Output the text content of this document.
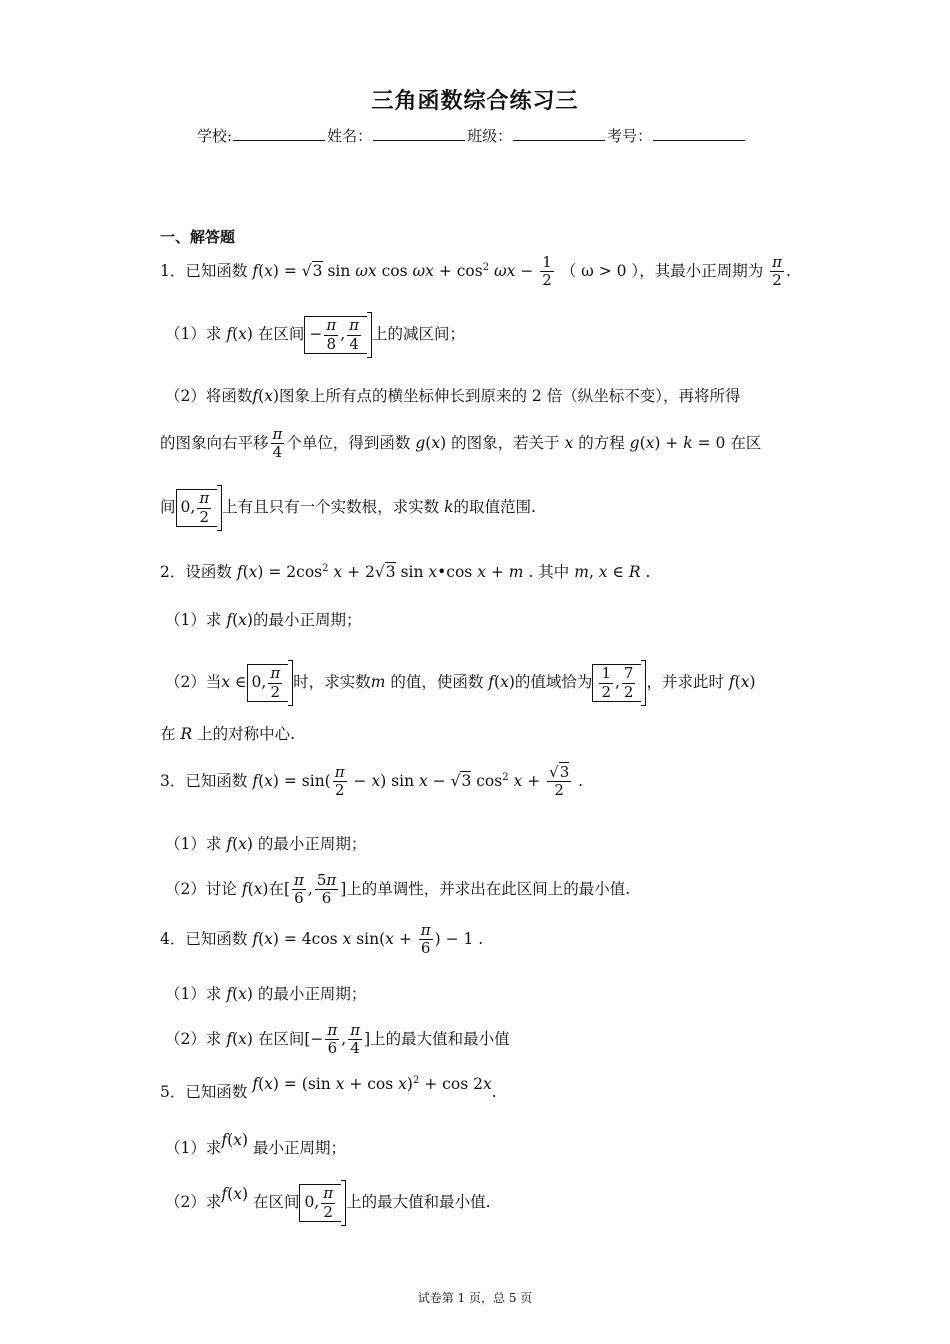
三角函数综合练习三
学校:	姓名：	班级：	考号：
一、解答题
1．已知函数 f(x) = √3 sin ωx $\cos \omega x + \cos^2 \omega x - \frac{1}{2}$ （ ω > 0 ），其最小正周期为 $\frac{\pi}{2}$ .
（1）求 f(x) 在区间 − $\frac{\pi}{8}$ , $\frac{\pi}{4}$ 上的减区间；
（2）将函数f(x)图象上所有点的横坐标伸长到原来的 2 倍（纵坐标不变），再将所得
的图象向右平移 $\frac{\pi}{4}$ 个单位，得到函数 g(x) 的图象，若关于 x 的方程 g(x) + k = 0 在区
间 0, $\frac{\pi}{2}$ 上有且只有一个实数根，求实数 k的取值范围.
2．设函数 $f(x) = 2\cos^2$ x + 2√3 sin x•cos x + m . 其中 m, x ∈ R .
（1）求 f(x)的最小正周期；
（2）当x ∈ 0, $\frac{\pi}{2}$ 时，求实数m 的值，使函数 f(x)的值域恰为 $\frac{1}{2}$ , $\frac{7}{2}$ ，并求此时 f(x)
在 R 上的对称中心.
3．已知函数 $f(x) = \sin( \frac{\pi}{2} - x)$ sin x − √3 $\cos^2 x + \frac{√3}{2}$ .
（1）求 f(x) 的最小正周期；
（2）讨论 f(x)在[ $\frac{\pi}{6}$ , $\frac{5\pi}{6}$ ]上的单调性，并求出在此区间上的最小值.
4．已知函数 f(x) = 4cos x $\sin(x + \frac{\pi}{6}$ ) − 1 .
（1）求 f(x) 的最小正周期；
（2）求 f(x) 在区间[− $\frac{\pi}{6}$ , $\frac{\pi}{4}$ ]上的最大值和最小值
5．已知函数 f(x) = (sin x + cos x)$^2$ + cos 2x.
（1）求f(x) 最小正周期；
（2）求f(x) 在区间 0, $\frac{\pi}{2}$ 上的最大值和最小值.
试卷第 1 页，总 5 页
